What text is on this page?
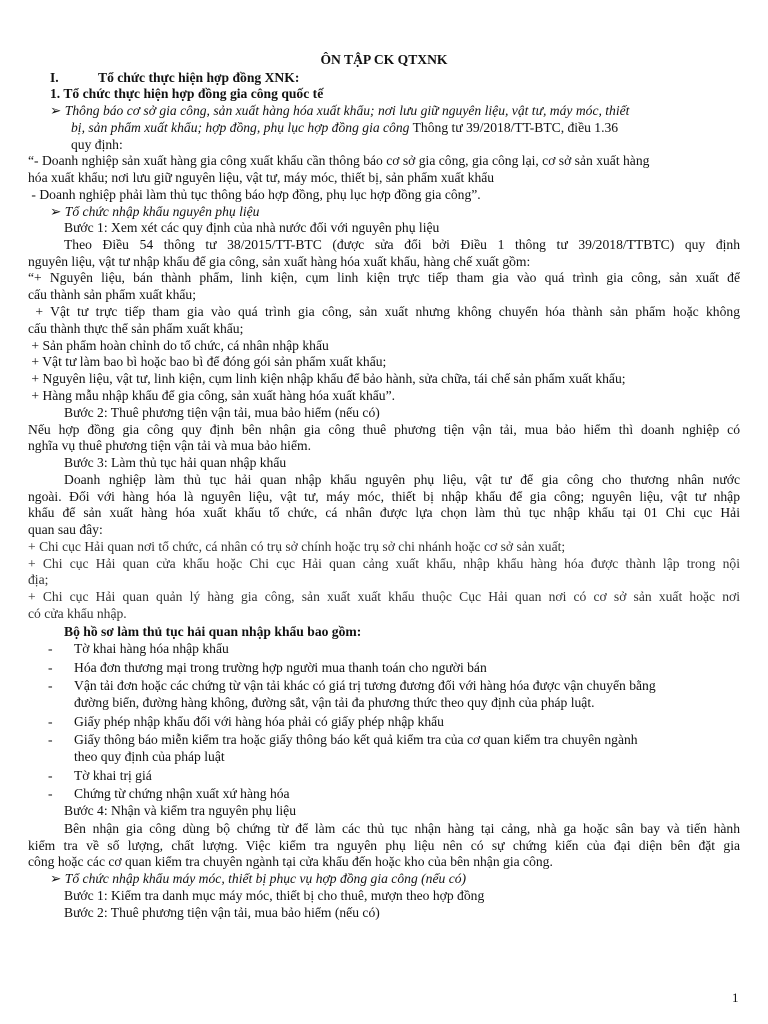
ÔN TẬP CK QTXNK
I.	Tổ chức thực hiện hợp đồng XNK:
1. Tổ chức thực hiện hợp đồng gia công quốc tế
➢ Thông báo cơ sở gia công, sản xuất hàng hóa xuất khẩu; nơi lưu giữ nguyên liệu, vật tư, máy móc, thiết
bị, sản phẩm xuất khẩu; hợp đồng, phụ lục hợp đồng gia công Thông tư 39/2018/TT-BTC, điều 1.36
quy định:
“- Doanh nghiệp sản xuất hàng gia công xuất khẩu cần thông báo cơ sở gia công, gia công lại, cơ sở sản xuất hàng
hóa xuất khẩu; nơi lưu giữ nguyên liệu, vật tư, máy móc, thiết bị, sản phẩm xuất khẩu
- Doanh nghiệp phải làm thủ tục thông báo hợp đồng, phụ lục hợp đồng gia công”.
➢ Tổ chức nhập khẩu nguyên phụ liệu
Bước 1: Xem xét các quy định của nhà nước đối với nguyên phụ liệu
Theo Điều 54 thông tư 38/2015/TT-BTC (được sửa đổi bởi Điều 1 thông tư 39/2018/TTBTC) quy định
nguyên liệu, vật tư nhập khẩu để gia công, sản xuất hàng hóa xuất khẩu, hàng chế xuất gồm:
“+ Nguyên liệu, bán thành phẩm, linh kiện, cụm linh kiện trực tiếp tham gia vào quá trình gia công, sản xuất để
cấu thành sản phẩm xuất khẩu;
+ Vật tư trực tiếp tham gia vào quá trình gia công, sản xuất nhưng không chuyển hóa thành sản phẩm hoặc không
cấu thành thực thể sản phẩm xuất khẩu;
+ Sản phẩm hoàn chỉnh do tổ chức, cá nhân nhập khẩu
+ Vật tư làm bao bì hoặc bao bì để đóng gói sản phẩm xuất khẩu;
+ Nguyên liệu, vật tư, linh kiện, cụm linh kiện nhập khẩu để bảo hành, sửa chữa, tái chế sản phẩm xuất khẩu;
+ Hàng mẫu nhập khẩu để gia công, sản xuất hàng hóa xuất khẩu”.
Bước 2: Thuê phương tiện vận tải, mua bảo hiểm (nếu có)
Nếu hợp đồng gia công quy định bên nhận gia công thuê phương tiện vận tải, mua bảo hiểm thì doanh nghiệp có
nghĩa vụ thuê phương tiện vận tải và mua bảo hiểm.
Bước 3: Làm thủ tục hải quan nhập khẩu
Doanh nghiệp làm thủ tục hải quan nhập khẩu nguyên phụ liệu, vật tư để gia công cho thương nhân nước
ngoài. Đối với hàng hóa là nguyên liệu, vật tư, máy móc, thiết bị nhập khẩu để gia công; nguyên liệu, vật tư nhập
khẩu để sản xuất hàng hóa xuất khẩu tổ chức, cá nhân được lựa chọn làm thủ tục nhập khẩu tại 01 Chi cục Hải
quan sau đây:
+ Chi cục Hải quan nơi tổ chức, cá nhân có trụ sở chính hoặc trụ sở chi nhánh hoặc cơ sở sản xuất;
+ Chi cục Hải quan cửa khẩu hoặc Chi cục Hải quan cảng xuất khẩu, nhập khẩu hàng hóa được thành lập trong nội
địa;
+ Chi cục Hải quan quản lý hàng gia công, sản xuất xuất khẩu thuộc Cục Hải quan nơi có cơ sở sản xuất hoặc nơi
có cửa khẩu nhập.
Bộ hồ sơ làm thủ tục hải quan nhập khẩu bao gồm:
- Tờ khai hàng hóa nhập khẩu
- Hóa đơn thương mại trong trường hợp người mua thanh toán cho người bán
- Vận tải đơn hoặc các chứng từ vận tải khác có giá trị tương đương đối với hàng hóa được vận chuyển bằng
đường biển, đường hàng không, đường sắt, vận tải đa phương thức theo quy định của pháp luật.
- Giấy phép nhập khẩu đối với hàng hóa phải có giấy phép nhập khẩu
- Giấy thông báo miễn kiểm tra hoặc giấy thông báo kết quả kiểm tra của cơ quan kiểm tra chuyên ngành
theo quy định của pháp luật
- Tờ khai trị giá
- Chứng từ chứng nhận xuất xứ hàng hóa
Bước 4: Nhận và kiểm tra nguyên phụ liệu
Bên nhận gia công dùng bộ chứng từ để làm các thủ tục nhận hàng tại cảng, nhà ga hoặc sân bay và tiến hành
kiểm tra về số lượng, chất lượng. Việc kiểm tra nguyên phụ liệu nên có sự chứng kiến của đại diện bên đặt gia
công hoặc các cơ quan kiểm tra chuyên ngành tại cửa khẩu đến hoặc kho của bên nhận gia công.
➢ Tổ chức nhập khẩu máy móc, thiết bị phục vụ hợp đồng gia công (nếu có)
Bước 1: Kiểm tra danh mục máy móc, thiết bị cho thuê, mượn theo hợp đồng
Bước 2: Thuê phương tiện vận tải, mua bảo hiểm (nếu có)
1
